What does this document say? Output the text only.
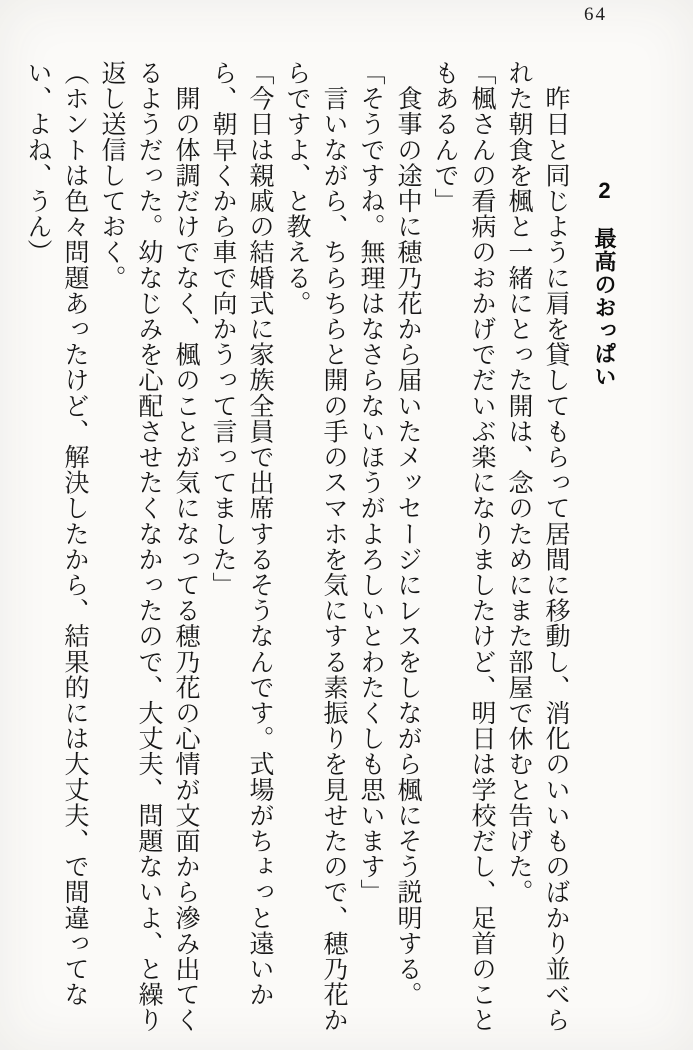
64
2　最高のおっぱい

　昨日と同じように肩を貸してもらって居間に移動し、消化のいいものばかり並べられた朝食を楓と一緒にとった開は、念のためにまた部屋で休むと告げた。

「楓さんの看病のおかげでだいぶ楽になりましたけど、明日は学校だし、足首のこともあるんで」

　食事の途中に穂乃花から届いたメッセージにレスをしながら楓にそう説明する。

「そうですね。無理はなさらないほうがよろしいとわたくしも思います」

　言いながら、ちらちらと開の手のスマホを気にする素振りを見せたので、穂乃花からですよ、と教える。

「今日は親戚の結婚式に家族全員で出席するそうなんです。式場がちょっと遠いから、朝早くから車で向かうって言ってました」

　開の体調だけでなく、楓のことが気になってる穂乃花の心情が文面から滲み出てくるようだった。幼なじみを心配させたくなかったので、大丈夫、問題ないよ、と繰り返し送信しておく。

（ホントは色々問題あったけど、解決したから、結果的には大丈夫、で間違ってない、よね、うん）
